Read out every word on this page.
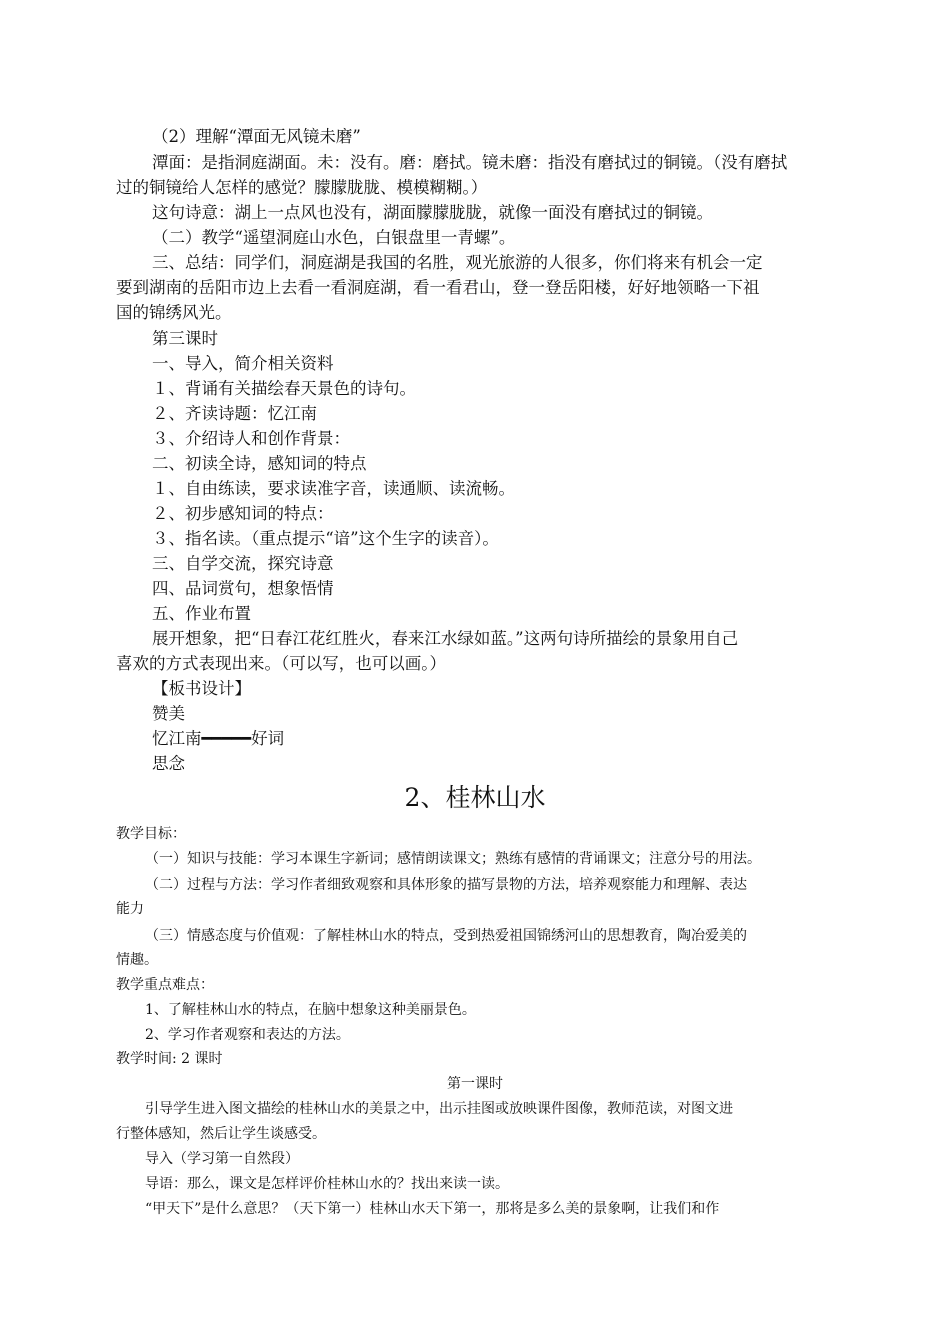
（2）理解“潭面无风镜未磨”
潭面：是指洞庭湖面。未：没有。磨：磨拭。镜未磨：指没有磨拭过的铜镜。（没有磨拭
过的铜镜给人怎样的感觉？朦朦胧胧、模模糊糊。）
这句诗意：湖上一点风也没有，湖面朦朦胧胧，就像一面没有磨拭过的铜镜。
（二）教学“遥望洞庭山水色，白银盘里一青螺”。
三、总结：同学们，洞庭湖是我国的名胜，观光旅游的人很多，你们将来有机会一定
要到湖南的岳阳市边上去看一看洞庭湖，看一看君山，登一登岳阳楼，好好地领略一下祖
国的锦绣风光。
第三课时
一、导入，简介相关资料
１、背诵有关描绘春天景色的诗句。
２、齐读诗题：忆江南
３、介绍诗人和创作背景：
二、初读全诗，感知词的特点
１、自由练读，要求读准字音，读通顺、读流畅。
２、初步感知词的特点：
３、指名读。（重点提示“谙”这个生字的读音）。
三、自学交流，探究诗意
四、品词赏句，想象悟情
五、作业布置
展开想象，把“日春江花红胜火，春来江水绿如蓝。”这两句诗所描绘的景象用自己
喜欢的方式表现出来。（可以写，也可以画。）
【板书设计】
赞美
忆江南━━━━━好词
思念
2、桂林山水
教学目标：
（一）知识与技能：学习本课生字新词；感情朗读课文；熟练有感情的背诵课文；注意分号的用法。
（二）过程与方法：学习作者细致观察和具体形象的描写景物的方法，培养观察能力和理解、表达
能力
（三）情感态度与价值观：了解桂林山水的特点，受到热爱祖国锦绣河山的思想教育，陶冶爱美的
情趣。
教学重点难点：
1、了解桂林山水的特点，在脑中想象这种美丽景色。
2、学习作者观察和表达的方法。
教学时间: 2 课时
第一课时
引导学生进入图文描绘的桂林山水的美景之中，出示挂图或放映课件图像，教师范读，对图文进
行整体感知，然后让学生谈感受。
导入（学习第一自然段）
导语：那么，课文是怎样评价桂林山水的？找出来读一读。
“甲天下”是什么意思？（天下第一）桂林山水天下第一，那将是多么美的景象啊，让我们和作
